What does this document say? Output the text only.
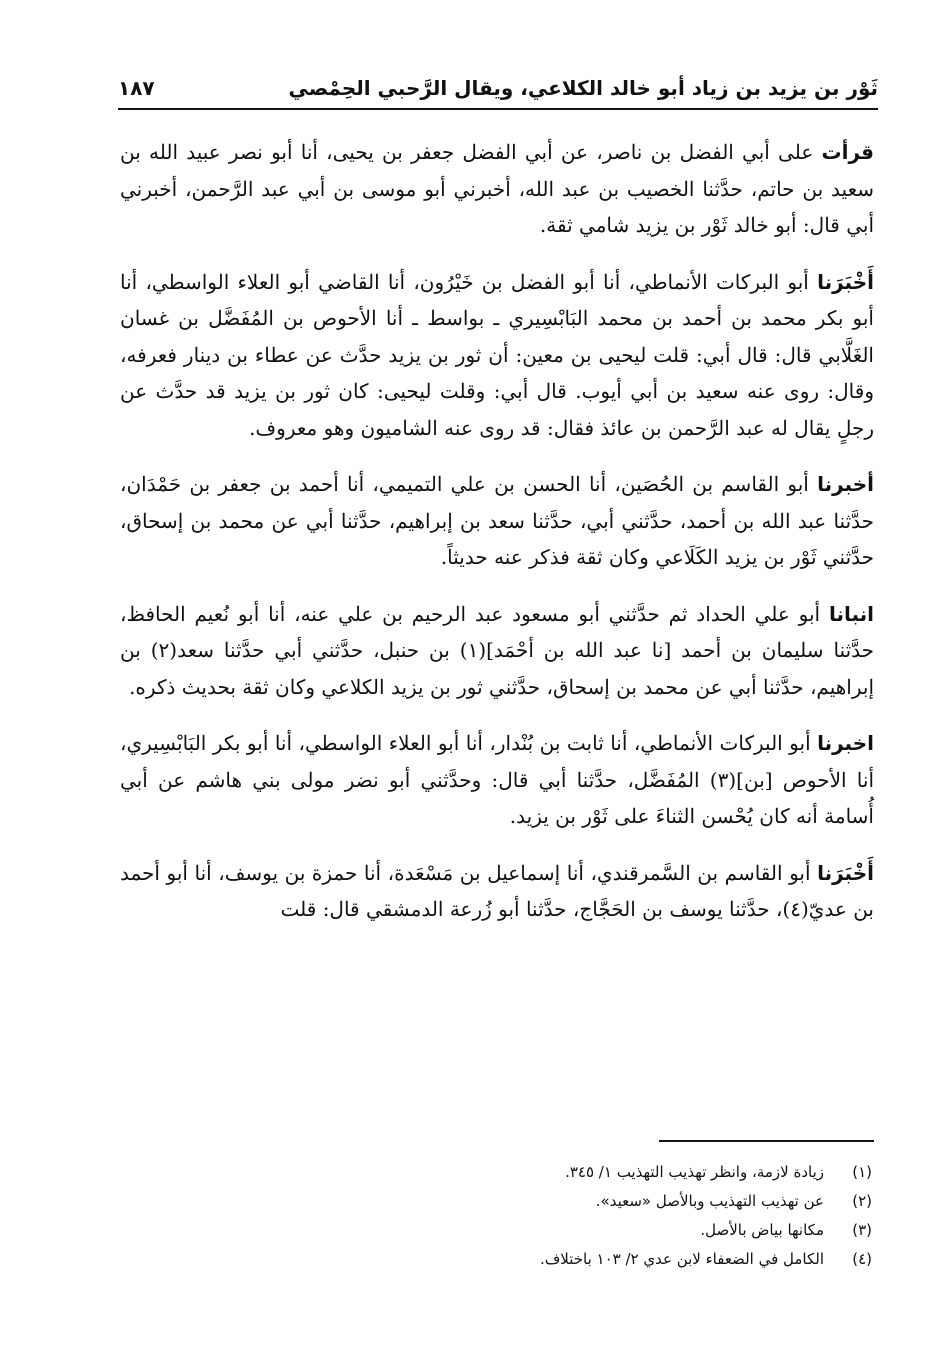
ثَوْر بن يزيد بن زياد أبو خالد الكلاعي، ويقال الرَّحبي الحِمْصي
١٨٧

قرأت على أبي الفضل بن ناصر، عن أبي الفضل جعفر بن يحيى، أنا أبو نصر عبيد الله بن سعيد بن حاتم، حدَّثنا الخصيب بن عبد الله، أخبرني أبو موسى بن أبي عبد الرَّحمن، أخبرني أبي قال: أبو خالد ثَوْر بن يزيد شامي ثقة.

أَخْبَرَنا أبو البركات الأنماطي، أنا أبو الفضل بن خَيْرُون، أنا القاضي أبو العلاء الواسطي، أنا أبو بكر محمد بن أحمد بن محمد البَابْسِيري ـ بواسط ـ أنا الأحوص بن المُفَضَّل بن غسان الغَلَّابي قال: قال أبي: قلت ليحيى بن معين: أن ثور بن يزيد حدَّث عن عطاء بن دينار فعرفه، وقال: روى عنه سعيد بن أبي أيوب. قال أبي: وقلت ليحيى: كان ثور بن يزيد قد حدَّث عن رجلٍ يقال له عبد الرَّحمن بن عائذ فقال: قد روى عنه الشاميون وهو معروف.

أخبرنا أبو القاسم بن الحُصَين، أنا الحسن بن علي التميمي، أنا أحمد بن جعفر بن حَمْدَان، حدَّثنا عبد الله بن أحمد، حدَّثني أبي، حدَّثنا سعد بن إبراهيم، حدَّثنا أبي عن محمد بن إسحاق، حدَّثني ثَوْر بن يزيد الكَلَاعي وكان ثقة فذكر عنه حديثاً.

انبانا أبو علي الحداد ثم حدَّثني أبو مسعود عبد الرحيم بن علي عنه، أنا أبو نُعيم الحافظ، حدَّثنا سليمان بن أحمد [نا عبد الله بن أحْمَد](١) بن حنبل، حدَّثني أبي حدَّثنا سعد(٢) بن إبراهيم، حدَّثنا أبي عن محمد بن إسحاق، حدَّثني ثور بن يزيد الكلاعي وكان ثقة بحديث ذكره.

اخبرنا أبو البركات الأنماطي، أنا ثابت بن بُنْدار، أنا أبو العلاء الواسطي، أنا أبو بكر البَابْسِيري، أنا الأحوص [بن](٣) المُفَضَّل، حدَّثنا أبي قال: وحدَّثني أبو نضر مولى بني هاشم عن أبي أُسامة أنه كان يُحْسن الثناءَ على ثَوْر بن يزيد.

أَخْبَرَنا أبو القاسم بن السَّمرقندي، أنا إسماعيل بن مَسْعَدة، أنا حمزة بن يوسف، أنا أبو أحمد بن عديّ(٤)، حدَّثنا يوسف بن الحَجَّاج، حدَّثنا أبو زُرعة الدمشقي قال: قلت

(١)
زيادة لازمة، وانظر تهذيب التهذيب ١/ ٣٤٥.
(٢)
عن تهذيب التهذيب وبالأصل «سعيد».
(٣)
مكانها بياض بالأصل.
(٤)
الكامل في الضعفاء لابن عدي ٢/ ١٠٣ باختلاف.
